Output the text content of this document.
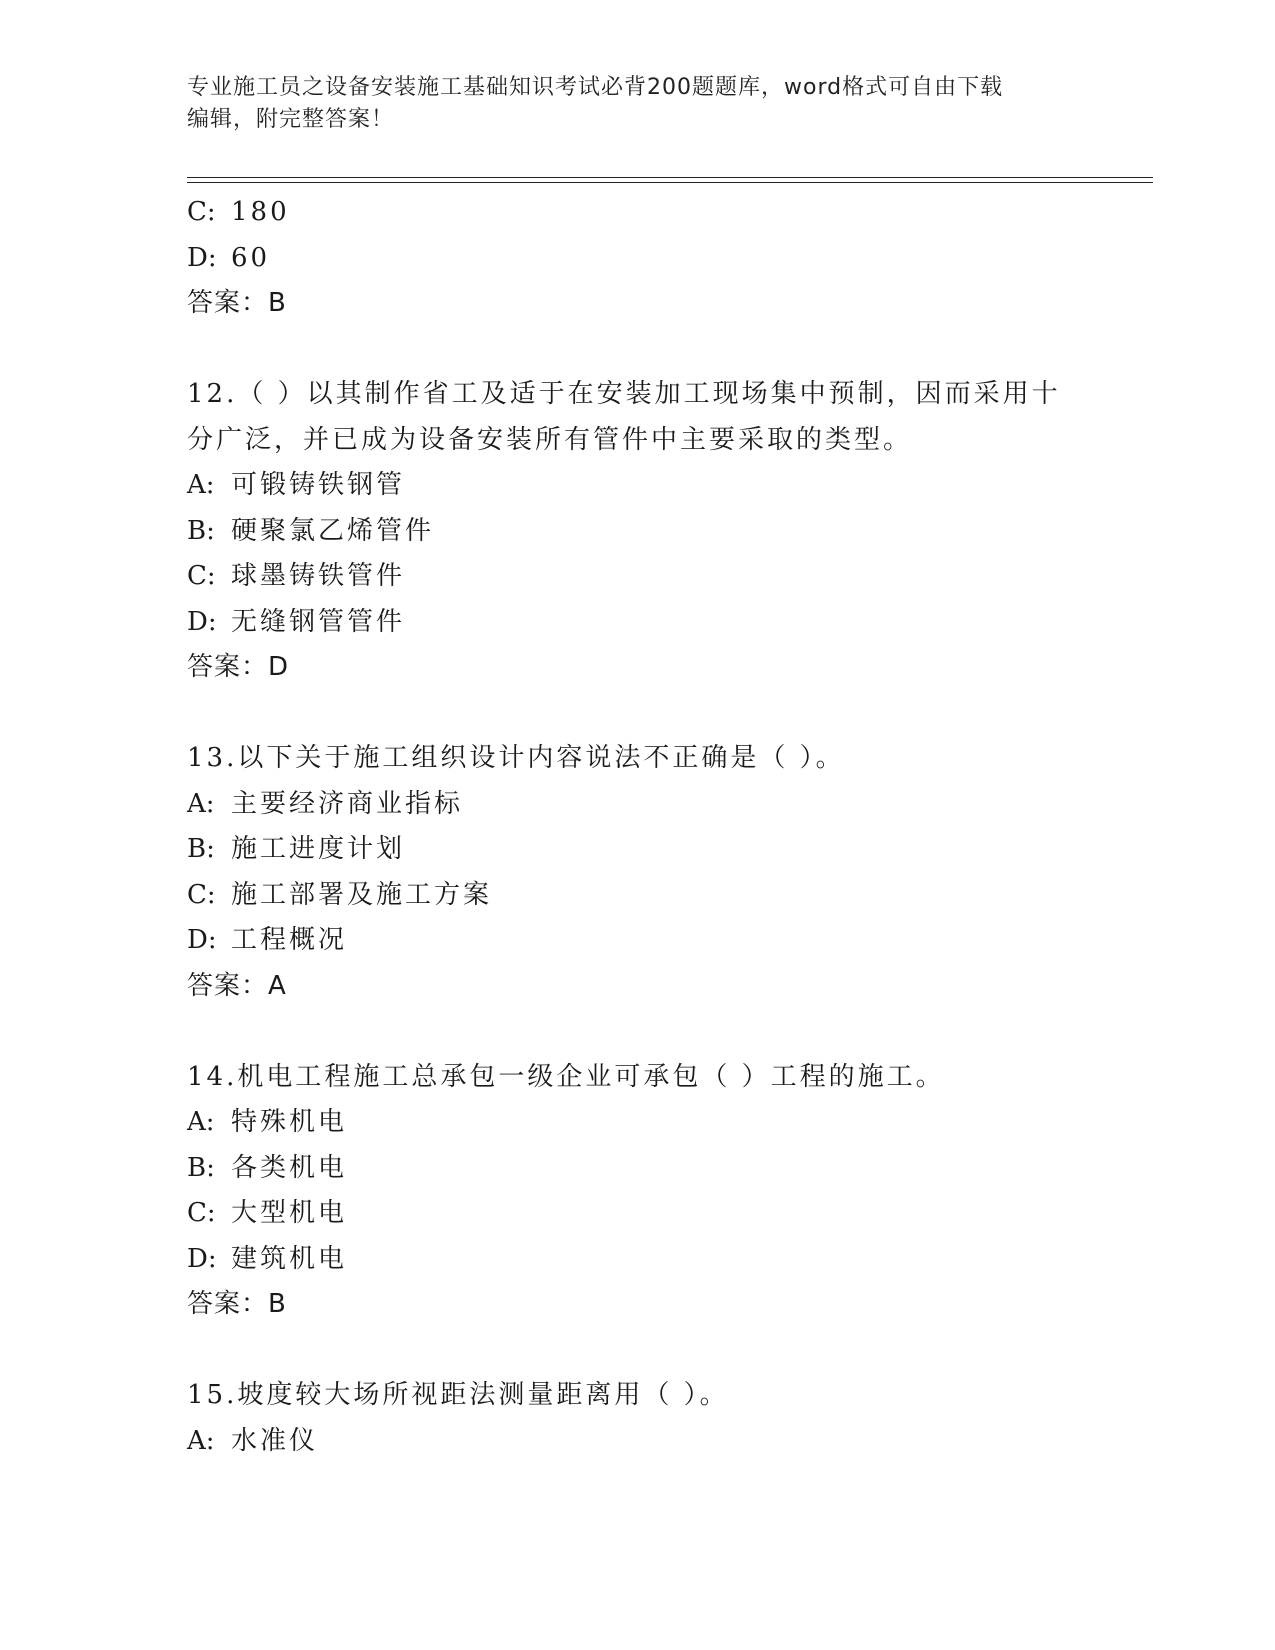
专业施工员之设备安装施工基础知识考试必背200题题库，word格式可自由下载
编辑，附完整答案！
C: 180
D: 60
答案：B
12.（ ）以其制作省工及适于在安装加工现场集中预制，因而采用十
分广泛，并已成为设备安装所有管件中主要采取的类型。
A: 可锻铸铁钢管
B: 硬聚氯乙烯管件
C: 球墨铸铁管件
D: 无缝钢管管件
答案：D
13.以下关于施工组织设计内容说法不正确是（ ）。
A: 主要经济商业指标
B: 施工进度计划
C: 施工部署及施工方案
D: 工程概况
答案：A
14.机电工程施工总承包一级企业可承包（ ）工程的施工。
A: 特殊机电
B: 各类机电
C: 大型机电
D: 建筑机电
答案：B
15.坡度较大场所视距法测量距离用（ ）。
A: 水准仪
